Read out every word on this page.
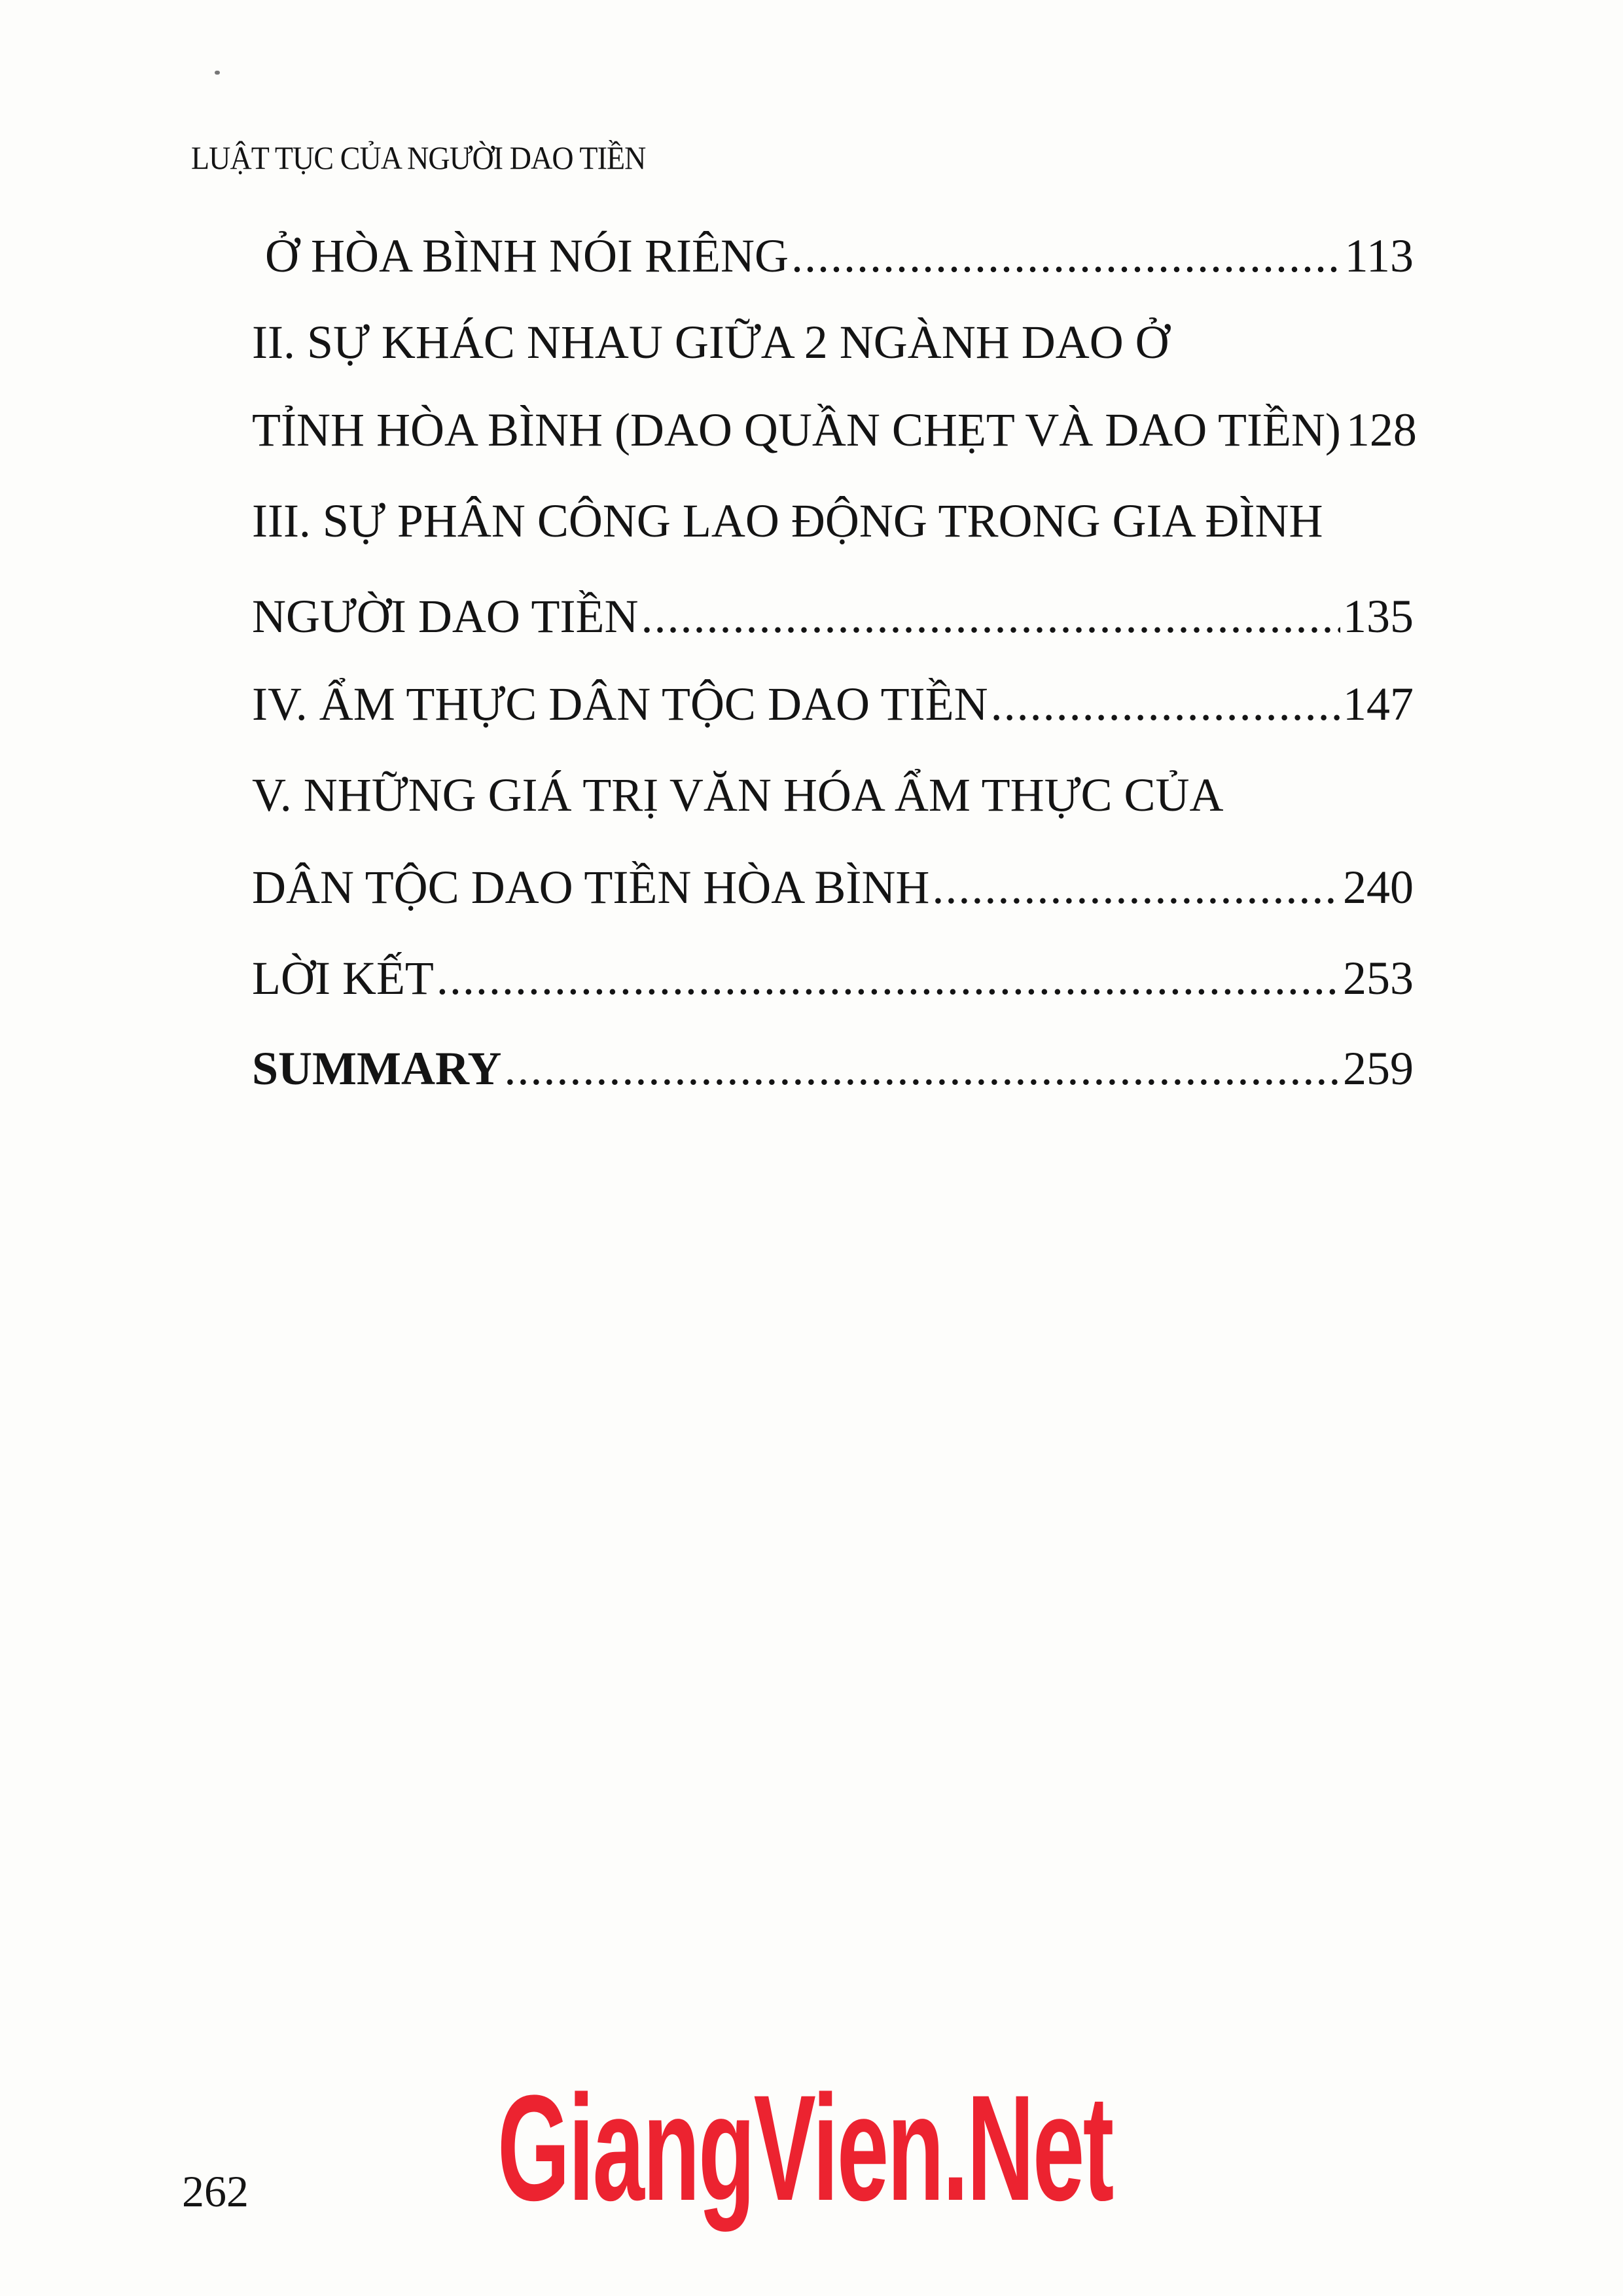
LUẬT TỤC CỦA NGƯỜI DAO TIỀN
Ở HÒA BÌNH NÓI RIÊNG .....	113
II. SỰ KHÁC NHAU GIỮA 2 NGÀNH DAO Ở
TỈNH HÒA BÌNH (DAO QUẦN CHẸT VÀ DAO TIỀN) 128
III. SỰ PHÂN CÔNG LAO ĐỘNG TRONG GIA ĐÌNH
NGƯỜI DAO TIỀN .....	135
IV. ẨM THỰC DÂN TỘC DAO TIỀN .....	147
V. NHỮNG GIÁ TRỊ VĂN HÓA ẨM THỰC CỦA
DÂN TỘC DAO TIỀN HÒA BÌNH .....	240
LỜI KẾT .....	253
SUMMARY .....	259
262 GiangVien.Net
